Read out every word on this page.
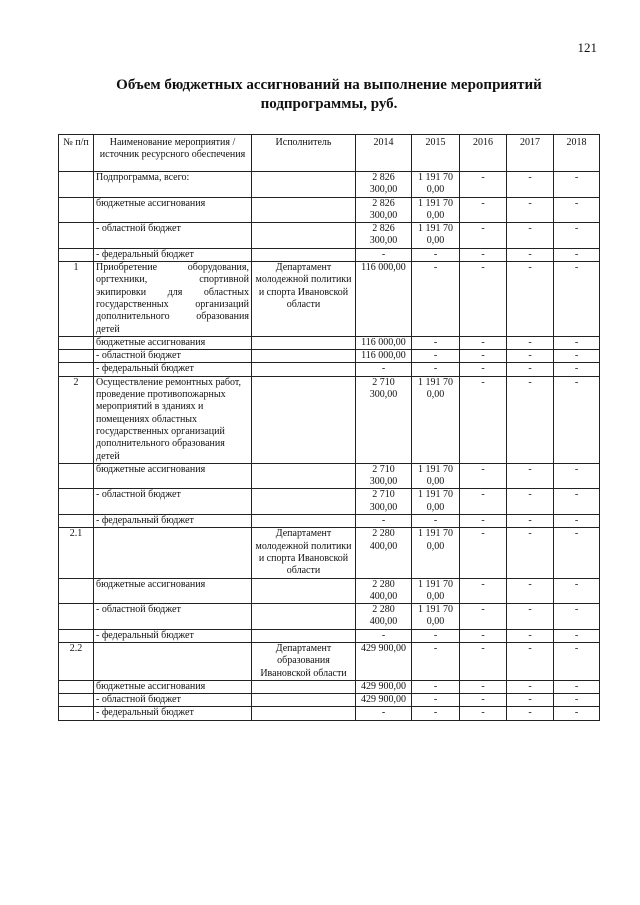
121
Объем бюджетных ассигнований на выполнение мероприятий
подпрограммы, руб.
№ п/п	Наименование мероприятия / источник ресурсного обеспечения	Исполнитель	2014	2015	2016	2017	2018
	Подпрограмма, всего:		2 826 300,00	1 191 70 0,00	-	-	-
	бюджетные ассигнования		2 826 300,00	1 191 70 0,00	-	-	-
	- областной бюджет		2 826 300,00	1 191 70 0,00	-	-	-
	- федеральный бюджет		-	-	-	-	-
1	Приобретение оборудования, оргтехники, спортивной экипировки для областных государственных организаций дополнительного образования детей	Департамент молодежной политики и спорта Ивановской области	116 000,00	-	-	-	-
	бюджетные ассигнования		116 000,00	-	-	-	-
	- областной бюджет		116 000,00	-	-	-	-
	- федеральный бюджет		-	-	-	-	-
2	Осуществление ремонтных работ, проведение противопожарных мероприятий в зданиях и помещениях областных государственных организаций дополнительного образования детей		2 710 300,00	1 191 70 0,00	-	-	-
	бюджетные ассигнования		2 710 300,00	1 191 70 0,00	-	-	-
	- областной бюджет		2 710 300,00	1 191 70 0,00	-	-	-
	- федеральный бюджет		-	-	-	-	-
2.1		Департамент молодежной политики и спорта Ивановской области	2 280 400,00	1 191 70 0,00	-	-	-
	бюджетные ассигнования		2 280 400,00	1 191 70 0,00	-	-	-
	- областной бюджет		2 280 400,00	1 191 70 0,00	-	-	-
	- федеральный бюджет		-	-	-	-	-
2.2		Департамент образования Ивановской области	429 900,00	-	-	-	-
	бюджетные ассигнования		429 900,00	-	-	-	-
	- областной бюджет		429 900,00	-	-	-	-
	- федеральный бюджет		-	-	-	-	-
